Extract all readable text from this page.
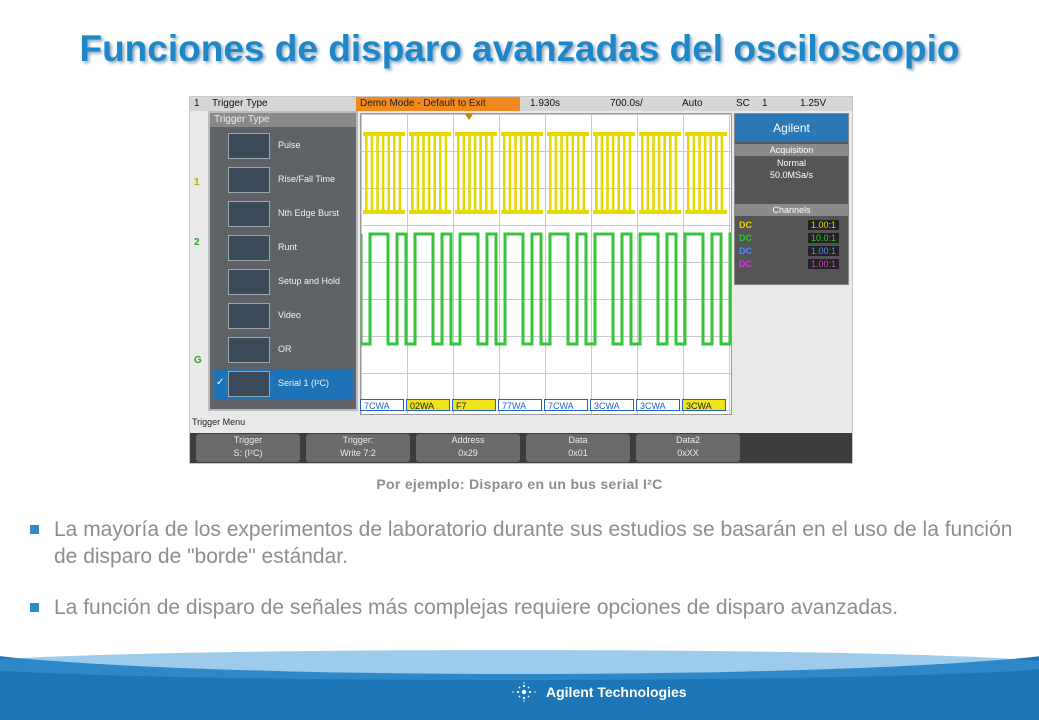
Funciones de disparo avanzadas del osciloscopio
1 Trigger Type	1.930s	700.0s/	Auto	SC 1	1.25V
Demo Mode - Default to Exit
1
2
G
Trigger Type
Pulse
Rise/Fall Time
Nth Edge Burst
Runt
Setup and Hold
Video
OR
✓	Serial 1 (I²C)
Agilent
Acquisition
Normal
50.0MSa/s
Channels
DC	1.00:1
DC	10.0:1
DC	1.00:1
DC	1.00:1
7CWA	02WA	F7	77WA	7CWA	3CWA	3CWA	3CWA
Trigger Menu
Trigger
S: (I²C)
Trigger:
Write 7:2
Address
0x29
Data
0x01
Data2
0xXX
Por ejemplo: Disparo en un bus serial I²C
La mayoría de los experimentos de laboratorio durante sus estudios se basarán en el uso de la función de disparo de "borde" estándar.
La función de disparo de señales más complejas requiere opciones de disparo avanzadas.
Agilent Technologies
